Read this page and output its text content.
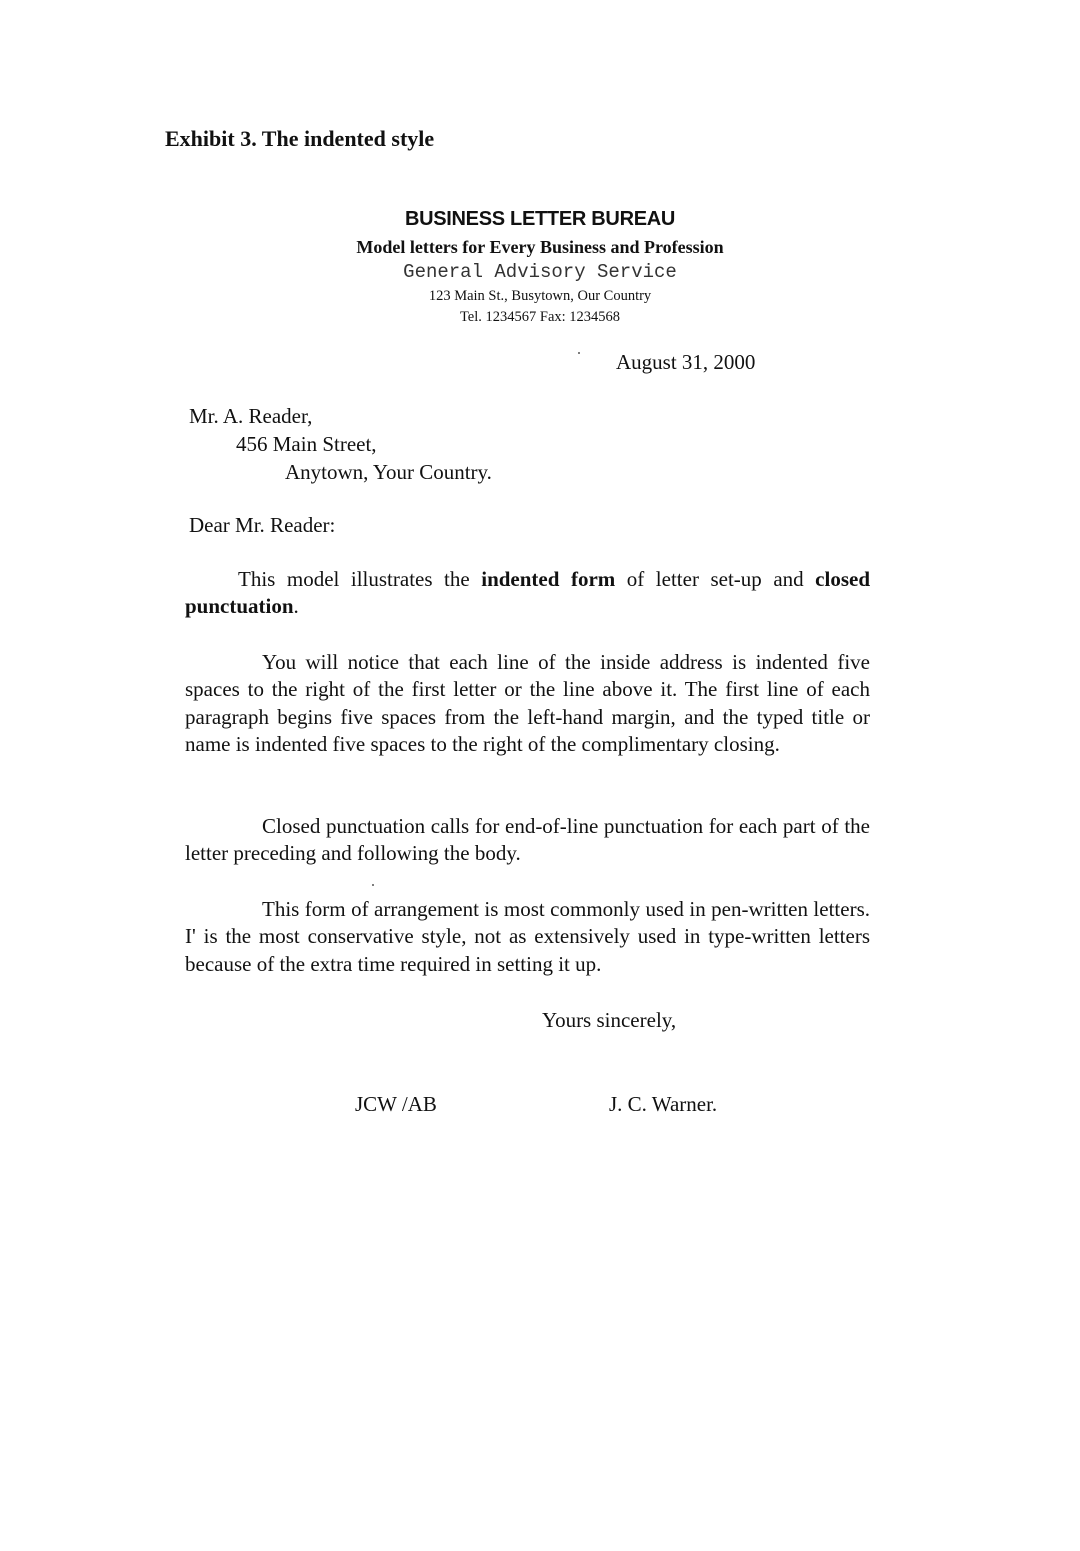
Exhibit 3. The indented style
BUSINESS LETTER BUREAU
Model letters for Every Business and Profession
General Advisory Service
123 Main St., Busytown, Our Country
Tel. 1234567 Fax: 1234568
August 31, 2000
Mr. A. Reader,
456 Main Street,
Anytown, Your Country.
Dear Mr. Reader:

This model illustrates the indented form of letter set-up and closed punctuation.

You will notice that each line of the inside address is indented five spaces to the right of the first letter or the line above it. The first line of each paragraph begins five spaces from the left-hand margin, and the typed title or name is indented five spaces to the right of the complimentary closing.

Closed punctuation calls for end-of-line punctuation for each part of the letter preceding and following the body.

This form of arrangement is most commonly used in pen-written letters. I' is the most conservative style, not as extensively used in type-written letters because of the extra time required in setting it up.

Yours sincerely,
JCW /AB	J. C. Warner.
